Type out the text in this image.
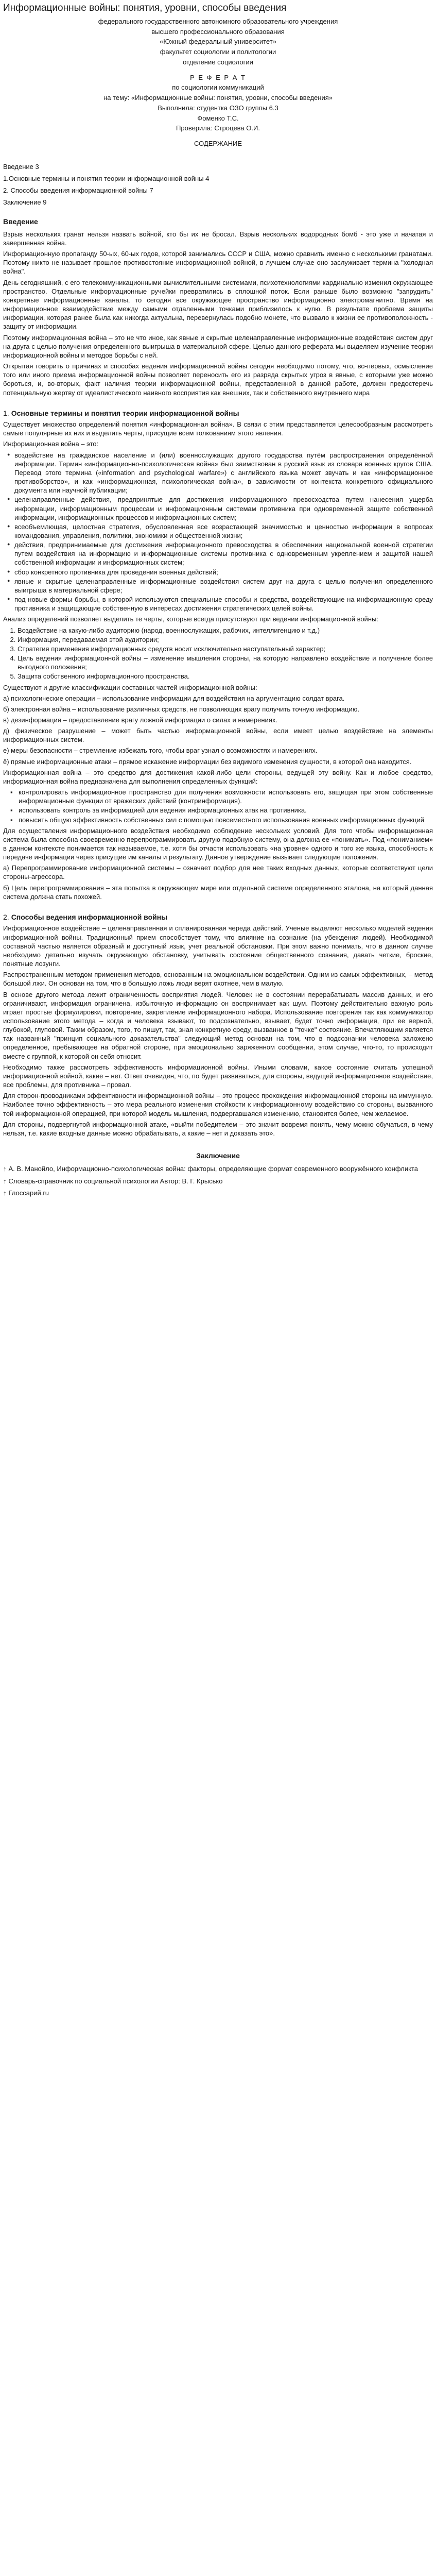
Информационные войны: понятия, уровни, способы введения

федерального государственного автономного образовательного учреждения

высшего профессионального образования

«Южный федеральный университет»

факультет социологии и политологии

отделение социологии

Р Е Ф Е Р А Т

по социологии коммуникаций

на тему: «Информационные войны: понятия, уровни, способы введения»

Выполнила: студентка ОЗО группы 6.3

Фоменко Т.С.

Проверила: Строцева О.И.

СОДЕРЖАНИЕ

Введение 3

1.Основные термины и понятия теории информационной войны 4

2. Способы введения информационной войны 7

Заключение 9

Введение

Взрыв нескольких гранат нельзя назвать войной, кто бы их не бросал. Взрыв нескольких водородных бомб - это уже и начатая и завершенная война.

Информационную пропаганду 50-ых, 60-ых годов, которой занимались СССР и США, можно сравнить именно с несколькими гранатами. Поэтому никто не называет прошлое противостояние информационной войной, в лучшем случае оно заслуживает термина "холодная война".

День сегодняшний, с его телекоммуникационными вычислительными системами, психотехнологиями кардинально изменил окружающее пространство. Отдельные информационные ручейки превратились в сплошной поток. Если раньше было возможно "запрудить" конкретные информационные каналы, то сегодня все окружающее пространство информационно электромагнитно. Время на информационное взаимодействие между самыми отдаленными точками приблизилось к нулю. В результате проблема защиты информации, которая ранее была как никогда актуальна, перевернулась подобно монете, что вызвало к жизни ее противоположность - защиту от информации.

Поэтому информационная война – это не что иное, как явные и скрытые целенаправленные информационные воздействия систем друг на друга с целью получения определенного выигрыша в материальной сфере. Целью данного реферата мы выделяем изучение теории информационной войны и методов борьбы с ней.

Открытая говорить о причинах и способах ведения информационной войны сегодня необходимо потому, что, во-первых, осмысление того или иного приема информационной войны позволяет переносить его из разряда скрытых угроз в явные, с которыми уже можно бороться, и, во-вторых, факт наличия теории информационной войны, представленной в данной работе, должен предостеречь потенциальную жертву от идеалистического наивного восприятия как внешних, так и собственного внутреннего мира

1. Основные термины и понятия теории информационной войны

Существует множество определений понятия «информационная война». В связи с этим представляется целесообразным рассмотреть самые популярные их них и выделить черты, присущие всем толкованиям этого явления.

Информационная война – это:

● воздействие на гражданское население и (или) военнослужащих другого государства путём распространения определённой информации. Термин «информационно-психологическая война» был заимствован в русский язык из словаря военных кругов США. Перевод этого термина («information and psychological warfare») с английского языка может звучать и как «информационное противоборство», и как «информационная, психологическая война», в зависимости от контекста конкретного официального документа или научной публикации;
● целенаправленные действия, предпринятые для достижения информационного превосходства путем нанесения ущерба информации, информационным процессам и информационным системам противника при одновременной защите собственной информации, информационных процессов и информационных систем;
● всеобъемлющая, целостная стратегия, обусловленная все возрастающей значимостью и ценностью информации в вопросах командования, управления, политики, экономики и общественной жизни;
● действия, предпринимаемые для достижения информационного превосходства в обеспечении национальной военной стратегии путем воздействия на информацию и информационные системы противника с одновременным укреплением и защитой нашей собственной информации и информационных систем;
● сбор конкретного противника для проведения военных действий;
● явные и скрытые целенаправленные информационные воздействия систем друг на друга с целью получения определенного выигрыша в материальной сфере;
● под новые формы борьбы, в которой используются специальные способы и средства, воздействующие на информационную среду противника и защищающие собственную в интересах достижения стратегических целей войны.

Анализ определений позволяет выделить те черты, которые всегда присутствуют при ведении информационной войны:

1. Воздействие на какую-либо аудиторию (народ, военнослужащих, рабочих, интеллигенцию и т.д.)
2. Информация, передаваемая этой аудитории;
3. Стратегия применения информационных средств носит исключительно наступательный характер;
4. Цель ведения информационной войны – изменение мышления стороны, на которую направлено воздействие и получение более выгодного положения;
5. Защита собственного информационного пространства.

Существуют и другие классификации составных частей информационной войны:

а) психологические операции – использование информации для воздействия на аргументацию солдат врага.

б) электронная война – использование различных средств, не позволяющих врагу получить точную информацию.

в) дезинформация – предоставление врагу ложной информации о силах и намерениях.

д) физическое разрушение – может быть частью информационной войны, если имеет целью воздействие на элементы информационных систем.

е) меры безопасности – стремление избежать того, чтобы враг узнал о возможностях и намерениях.

ё) прямые информационные атаки – прямое искажение информации без видимого изменения сущности, в которой она находится.

Информационная война – это средство для достижения какой-либо цели стороны, ведущей эту войну. Как и любое средство, информационная война предназначена для выполнения определенных функций:

▪ контролировать информационное пространство для получения возможности использовать его, защищая при этом собственные информационные функции от вражеских действий (контринформация).
▪ использовать контроль за информацией для ведения информационных атак на противника.
▪ повысить общую эффективность собственных сил с помощью повсеместного использования военных информационных функций

Для осуществления информационного воздействия необходимо соблюдение нескольких условий. Для того чтобы информационная система была способна своевременно перепрограммировать другую подобную систему, она должна ее «понимать». Под «пониманием» в данном контексте понимается так называемое, т.е. хотя бы отчасти использовать «на уровне» одного и того же языка, способность к передаче информации через присущие им каналы и результату. Данное утверждение вызывает следующие положения.

а) Перепрограммирование информационной системы – означает подбор для нее таких входных данных, которые соответствуют цели стороны-агрессора.

б) Цель перепрограммирования – эта попытка в окружающем мире или отдельной системе определенного эталона, на который данная система должна стать похожей.

2. Способы ведения информационной войны

Информационное воздействие – целенаправленная и спланированная череда действий. Ученые выделяют несколько моделей ведения информационной войны. Традиционный прием способствует тому, что влияние на сознание (на убеждения людей). Необходимой составной частью является образный и доступный язык, учет реальной обстановки. При этом важно понимать, что в данном случае необходимо детально изучать окружающую обстановку, учитывать состояние общественного сознания, давать четкие, броские, понятные лозунги.

Распространенным методом применения методов, основанным на эмоциональном воздействии. Одним из самых эффективных, – метод большой лжи. Он основан на том, что в большую ложь люди верят охотнее, чем в малую.

В основе другого метода лежит ограниченность восприятия людей. Человек не в состоянии перерабатывать массив данных, и его ограничивают, информация ограничена, избыточную информацию он воспринимает как шум. Поэтому действительно важную роль играет простые формулировки, повторение, закрепление информационного набора. Использование повторения так как коммуникатор использование этого метода – когда и человека взывают, то подсознательно, взывает, будет точно информация, при ее верной, глубокой, глуповой. Таким образом, того, то пишут, так, зная конкретную среду, вызванное в "точке" состояние. Впечатляющим является так названный "принцип социального доказательства" следующий метод основан на том, что в подсознании человека заложено определенное, пребывающее на обратной стороне, при эмоционально заряженном сообщении, этом случае, что-то, то происходит вместе с группой, к которой он себя относит.

Необходимо также рассмотреть эффективность информационной войны. Иными словами, какое состояние считать успешной информационной войной, какие – нет. Ответ очевиден, что, по будет развиваться, для стороны, ведущей информационное воздействие, все проблемы, для противника – провал.

Для сторон-проводниками эффективности информационной войны – это процесс прохождения информационной стороны на иммунную. Наиболее точно эффективность – это мера реального изменения стойкости к информационному воздействию со стороны, вызванного той информационной операцией, при которой модель мышления, подвергавшаяся изменению, становится более, чем желаемое.

Для стороны, подвергнутой информационной атаке, «выйти победителем – это значит вовремя понять, чему можно обучаться, в чему нельзя, т.е. какие входные данные можно обрабатывать, а какие – нет и доказать это».

Заключение
↑ А. В. Манойло, Информационно-психологическая война: факторы, определяющие формат современного вооружённого конфликта
↑ Словарь-справочник по социальной психологии Автор: В. Г. Крысько
↑ Глоссарий.ru
